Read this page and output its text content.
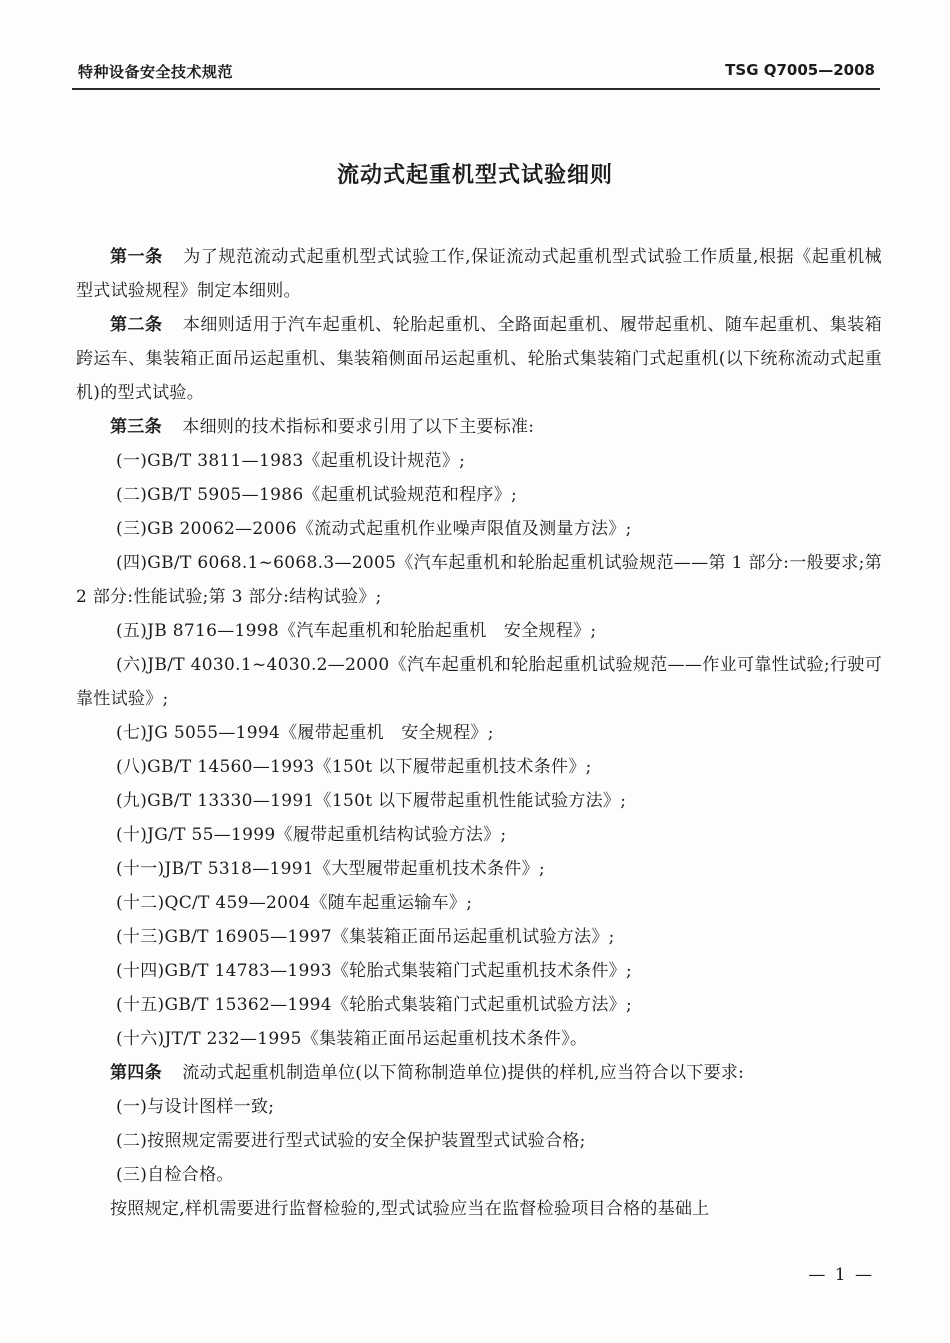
特种设备安全技术规范	TSG Q7005—2008
流动式起重机型式试验细则

第一条 为了规范流动式起重机型式试验工作,保证流动式起重机型式试验工作质量,根据《起重机械型式试验规程》制定本细则。

第二条 本细则适用于汽车起重机、轮胎起重机、全路面起重机、履带起重机、随车起重机、集装箱跨运车、集装箱正面吊运起重机、集装箱侧面吊运起重机、轮胎式集装箱门式起重机(以下统称流动式起重机)的型式试验。

第三条 本细则的技术指标和要求引用了以下主要标准:

(一)GB/T 3811—1983《起重机设计规范》;

(二)GB/T 5905—1986《起重机试验规范和程序》;

(三)GB 20062—2006《流动式起重机作业噪声限值及测量方法》;

(四)GB/T 6068.1~6068.3—2005《汽车起重机和轮胎起重机试验规范——第 1 部分:一般要求;第 2 部分:性能试验;第 3 部分:结构试验》;

(五)JB 8716—1998《汽车起重机和轮胎起重机　安全规程》;

(六)JB/T 4030.1~4030.2—2000《汽车起重机和轮胎起重机试验规范——作业可靠性试验;行驶可靠性试验》;

(七)JG 5055—1994《履带起重机　安全规程》;

(八)GB/T 14560—1993《150t 以下履带起重机技术条件》;

(九)GB/T 13330—1991《150t 以下履带起重机性能试验方法》;

(十)JG/T 55—1999《履带起重机结构试验方法》;

(十一)JB/T 5318—1991《大型履带起重机技术条件》;

(十二)QC/T 459—2004《随车起重运输车》;

(十三)GB/T 16905—1997《集装箱正面吊运起重机试验方法》;

(十四)GB/T 14783—1993《轮胎式集装箱门式起重机技术条件》;

(十五)GB/T 15362—1994《轮胎式集装箱门式起重机试验方法》;

(十六)JT/T 232—1995《集装箱正面吊运起重机技术条件》。

第四条 流动式起重机制造单位(以下简称制造单位)提供的样机,应当符合以下要求:

(一)与设计图样一致;

(二)按照规定需要进行型式试验的安全保护装置型式试验合格;

(三)自检合格。

按照规定,样机需要进行监督检验的,型式试验应当在监督检验项目合格的基础上

— 1 —
